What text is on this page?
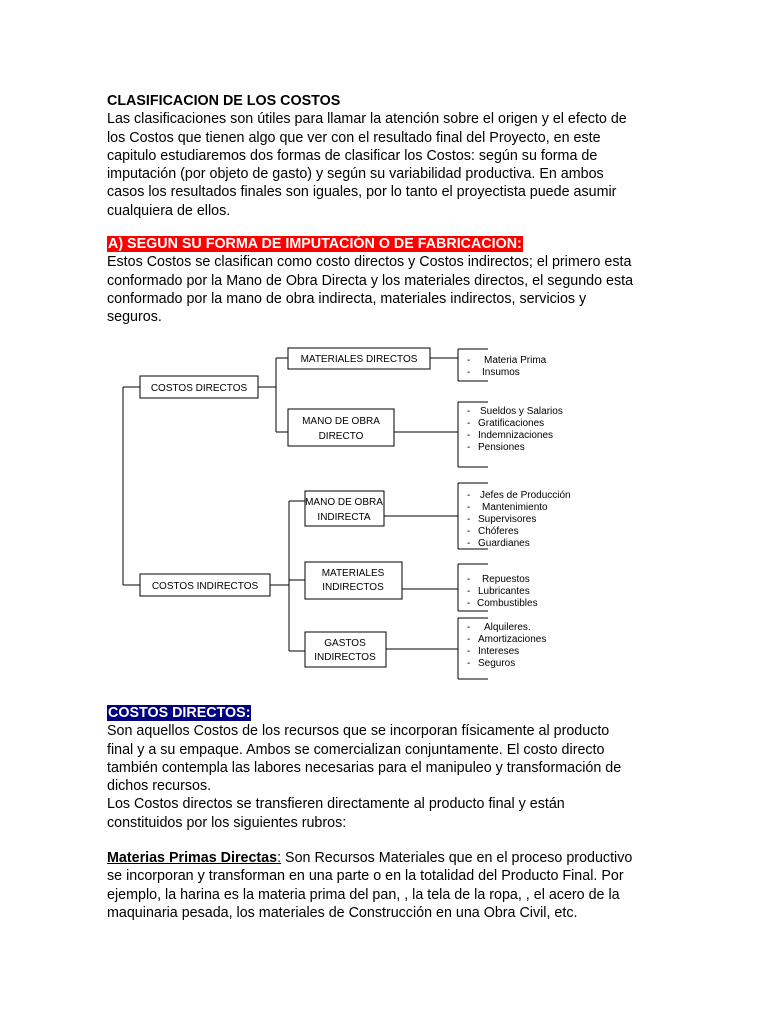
CLASIFICACION DE LOS COSTOS
Las clasificaciones son útiles para llamar la atención sobre el origen y el efecto de
los Costos que tienen algo que ver con el resultado final del Proyecto, en este
capitulo estudiaremos dos formas de clasificar los Costos: según su forma de
imputación (por objeto de gasto) y según su variabilidad productiva. En ambos
casos los resultados finales son iguales, por lo tanto el proyectista puede asumir
cualquiera de ellos.
A) SEGUN SU FORMA DE IMPUTACIÓN O DE FABRICACION:
Estos Costos se clasifican como costo directos y Costos indirectos; el primero esta
conformado por la Mano de Obra Directa y los materiales directos, el segundo esta
conformado por la mano de obra indirecta, materiales indirectos, servicios y
seguros.
COSTOS DIRECTOS
MATERIALES DIRECTOS
MANO DE OBRA
DIRECTO
- Materia Prima
- Insumos
- Sueldos y Salarios
- Gratificaciones
- Indemnizaciones
- Pensiones
COSTOS INDIRECTOS
MANO DE OBRA
INDIRECTA
MATERIALES
INDIRECTOS
GASTOS
INDIRECTOS
- Jefes de Producción
- Mantenimiento
- Supervisores
- Chóferes
- Guardianes
- Repuestos
- Lubricantes
- Combustibles
- Alquileres.
- Amortizaciones
- Intereses
- Seguros
COSTOS DIRECTOS:
Son aquellos Costos de los recursos que se incorporan físicamente al producto
final y a su empaque. Ambos se comercializan conjuntamente. El costo directo
también contempla las labores necesarias para el manipuleo y transformación de
dichos recursos.
Los Costos directos se transfieren directamente al producto final y están
constituidos por los siguientes rubros:
Materias Primas Directas: Son Recursos Materiales que en el proceso productivo
se incorporan y transforman en una parte o en la totalidad del Producto Final. Por
ejemplo, la harina es la materia prima del pan, , la tela de la ropa, , el acero de la
maquinaria pesada, los materiales de Construcción en una Obra Civil, etc.
